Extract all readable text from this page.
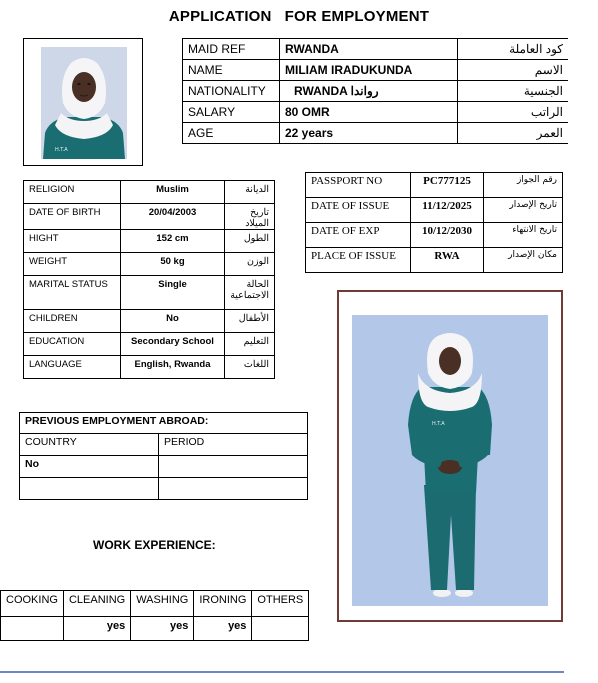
APPLICATION   FOR EMPLOYMENT
H.T.A
MAID REF	RWANDA	كود العاملة
NAME	MILIAM IRADUKUNDA	الاسم
NATIONALITY	RWANDA رواندا	الجنسية
SALARY	80 OMR	الراتب
AGE	22 years	العمر
RELIGION	Muslim	الديانة
DATE OF BIRTH	20/04/2003	تاريخ الميلاد
HIGHT	152 cm	الطول
WEIGHT	50 kg	الوزن
MARITAL STATUS	Single	الحالة الاجتماعية
CHILDREN	No	الأطفال
EDUCATION	Secondary School	التعليم
LANGUAGE	English, Rwanda	اللغات
PASSPORT NO	PC777125	رقم الجواز
DATE OF ISSUE	11/12/2025	تاريخ الإصدار
DATE OF EXP	10/12/2030	تاريخ الانتهاء
PLACE OF ISSUE	RWA	مكان الإصدار
H.T.A
PREVIOUS EMPLOYMENT ABROAD:	
COUNTRY	PERIOD
No	

WORK EXPERIENCE:
COOKING	CLEANING	WASHING	IRONING	OTHERS
	yes	yes	yes	
